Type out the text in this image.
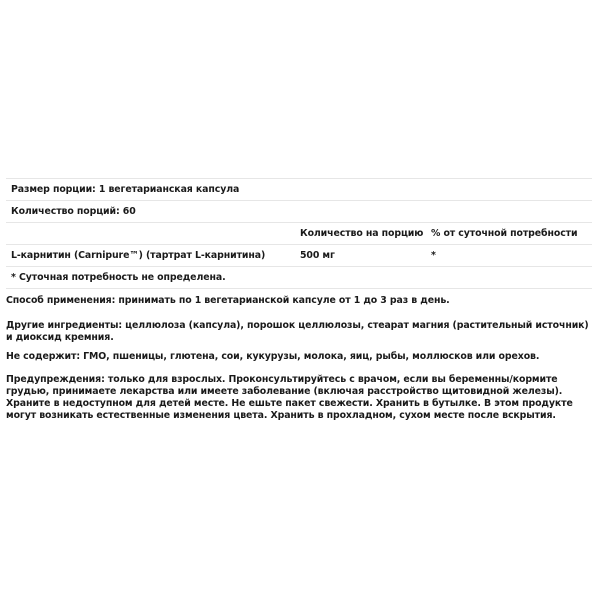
Размер порции: 1 вегетарианская капсула
Количество порций: 60
Количество на порцию % от суточной потребности
L-карнитин (Carnipure™) (тартрат L-карнитина)	500 мг	*
* Суточная потребность не определена.
Способ применения: принимать по 1 вегетарианской капсуле от 1 до 3 раз в день.
Другие ингредиенты: целлюлоза (капсула), порошок целлюлозы, стеарат магния (растительный источник) и диоксид кремния.
Не содержит: ГМО, пшеницы, глютена, сои, кукурузы, молока, яиц, рыбы, моллюсков или орехов.
Предупреждения: только для взрослых. Проконсультируйтесь с врачом, если вы беременны/кормите грудью, принимаете лекарства или имеете заболевание (включая расстройство щитовидной железы). Храните в недоступном для детей месте. Не ешьте пакет свежести. Хранить в бутылке. В этом продукте могут возникать естественные изменения цвета. Хранить в прохладном, сухом месте после вскрытия.
